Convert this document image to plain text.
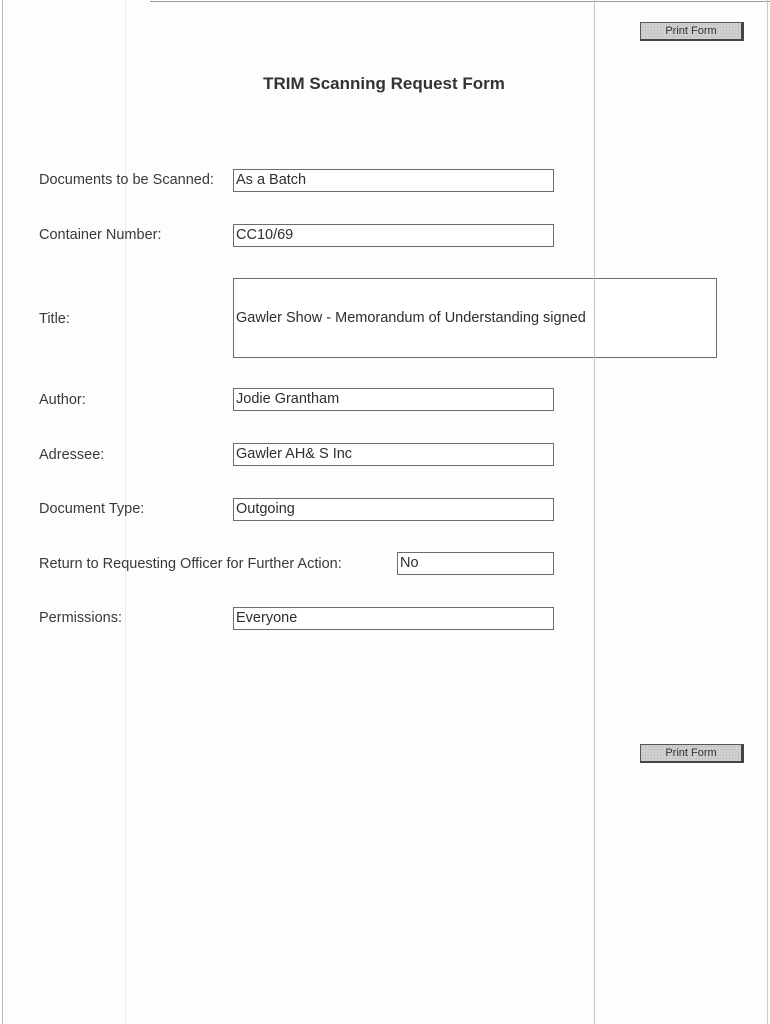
Print Form
TRIM Scanning Request Form
Documents to be Scanned: As a Batch
Container Number:	CC10/69
Title:	Gawler Show - Memorandum of Understanding signed
Author:	Jodie Grantham
Adressee:	Gawler AH& S Inc
Document Type:	Outgoing
Return to Requesting Officer for Further Action:	No
Permissions:	Everyone
Print Form
